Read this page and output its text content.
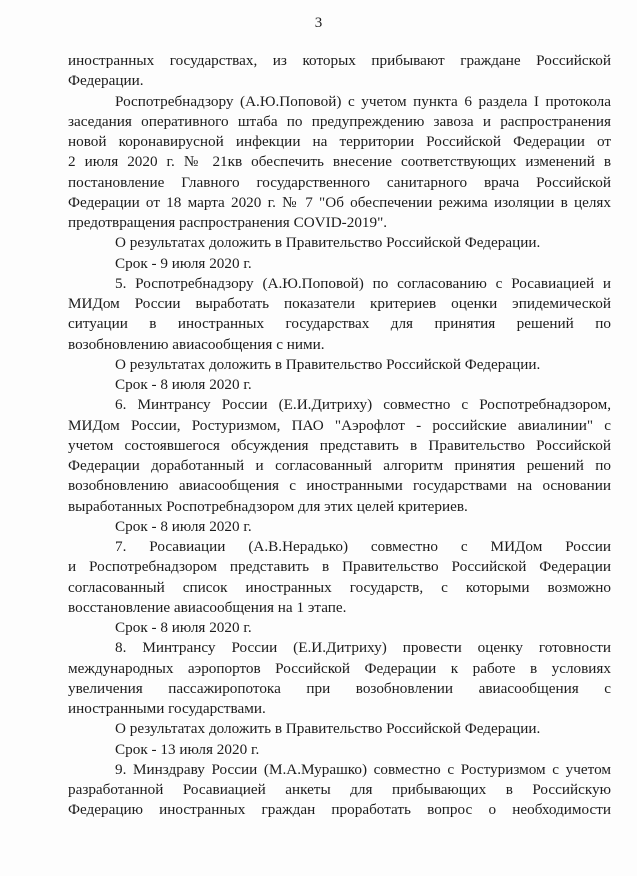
3
иностранных государствах, из которых прибывают граждане Российской
Федерации.
Роспотребнадзору (А.Ю.Поповой) с учетом пункта 6 раздела I протокола
заседания оперативного штаба по предупреждению завоза и распространения
новой коронавирусной инфекции на территории Российской Федерации от
2 июля 2020 г. № 21кв обеспечить внесение соответствующих изменений в
постановление Главного государственного санитарного врача Российской
Федерации от 18 марта 2020 г. № 7 "Об обеспечении режима изоляции в целях
предотвращения распространения COVID-2019".
О результатах доложить в Правительство Российской Федерации.
Срок - 9 июля 2020 г.
5. Роспотребнадзору (А.Ю.Поповой) по согласованию с Росавиацией и
МИДом России выработать показатели критериев оценки эпидемической
ситуации в иностранных государствах для принятия решений по
возобновлению авиасообщения с ними.
О результатах доложить в Правительство Российской Федерации.
Срок - 8 июля 2020 г.
6. Минтрансу России (Е.И.Дитриху) совместно с Роспотребнадзором,
МИДом России, Ростуризмом, ПАО "Аэрофлот - российские авиалинии" с
учетом состоявшегося обсуждения представить в Правительство Российской
Федерации доработанный и согласованный алгоритм принятия решений по
возобновлению авиасообщения с иностранными государствами на основании
выработанных Роспотребнадзором для этих целей критериев.
Срок - 8 июля 2020 г.
7. Росавиации (А.В.Нерадько) совместно с МИДом России
и Роспотребнадзором представить в Правительство Российской Федерации
согласованный список иностранных государств, с которыми возможно
восстановление авиасообщения на 1 этапе.
Срок - 8 июля 2020 г.
8. Минтрансу России (Е.И.Дитриху) провести оценку готовности
международных аэропортов Российской Федерации к работе в условиях
увеличения пассажиропотока при возобновлении авиасообщения с
иностранными государствами.
О результатах доложить в Правительство Российской Федерации.
Срок - 13 июля 2020 г.
9. Минздраву России (М.А.Мурашко) совместно с Ростуризмом с учетом
разработанной Росавиацией анкеты для прибывающих в Российскую
Федерацию иностранных граждан проработать вопрос о необходимости
